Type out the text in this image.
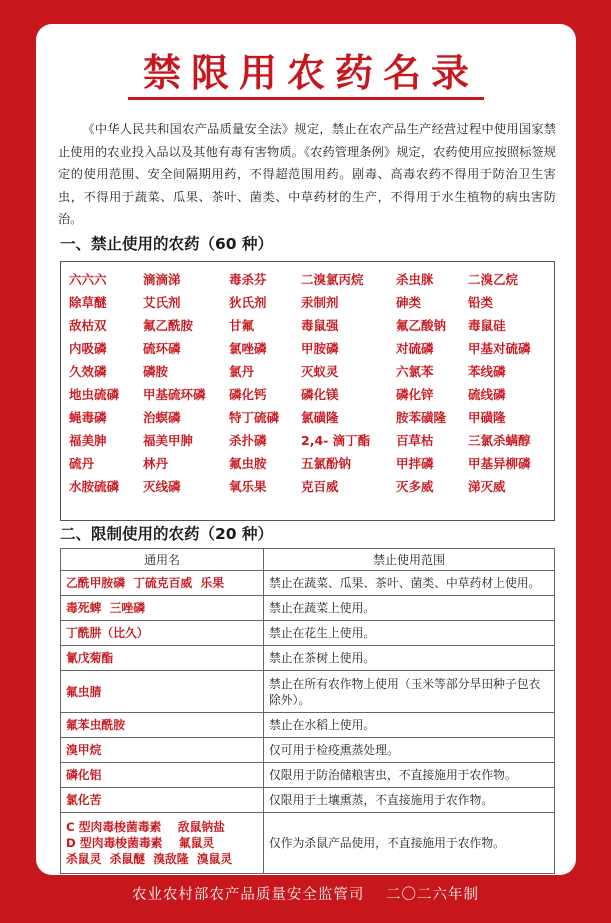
禁限用农药名录

《中华人民共和国农产品质量安全法》规定，禁止在农产品生产经营过程中使用国家禁止使用的农业投入品以及其他有毒有害物质。《农药管理条例》规定，农药使用应按照标签规定的使用范围、安全间隔期用药，不得超范围用药。剧毒、高毒农药不得用于防治卫生害虫，不得用于蔬菜、瓜果、茶叶、菌类、中草药材的生产，不得用于水生植物的病虫害防治。

一、禁止使用的农药（60 种）
六六六	滴滴涕	毒杀芬	二溴氯丙烷	杀虫脒	二溴乙烷
除草醚	艾氏剂	狄氏剂	汞制剂	砷类	铅类
敌枯双	氟乙酰胺	甘氟	毒鼠强	氟乙酸钠	毒鼠硅
内吸磷	硫环磷	氯唑磷	甲胺磷	对硫磷	甲基对硫磷
久效磷	磷胺	氯丹	灭蚁灵	六氯苯	苯线磷
地虫硫磷	甲基硫环磷	磷化钙	磷化镁	磷化锌	硫线磷
蝇毒磷	治螟磷	特丁硫磷	氯磺隆	胺苯磺隆	甲磺隆
福美胂	福美甲胂	杀扑磷	2,4- 滴丁酯	百草枯	三氯杀螨醇
硫丹	林丹	氟虫胺	五氯酚钠	甲拌磷	甲基异柳磷
水胺硫磷	灭线磷	氧乐果	克百威	灭多威	涕灭威
二、限制使用的农药（20 种）
通用名	禁止使用范围
乙酰甲胺磷  丁硫克百威  乐果	禁止在蔬菜、瓜果、茶叶、菌类、中草药材上使用。
毒死蜱  三唑磷	禁止在蔬菜上使用。
丁酰肼（比久）	禁止在花生上使用。
氰戊菊酯	禁止在茶树上使用。
氟虫腈	禁止在所有农作物上使用（玉米等部分旱田种子包衣除外）。
氟苯虫酰胺	禁止在水稻上使用。
溴甲烷	仅可用于检疫熏蒸处理。
磷化铝	仅限用于防治储粮害虫，不直接施用于农作物。
氯化苦	仅限用于土壤熏蒸，不直接施用于农作物。

C 型肉毒梭菌毒素    敌鼠钠盐
D 型肉毒梭菌毒素    氟鼠灵
杀鼠灵  杀鼠醚  溴敌隆  溴鼠灵	仅作为杀鼠产品使用，不直接施用于农作物。
农业农村部农产品质量安全监管司 二〇二六年制
